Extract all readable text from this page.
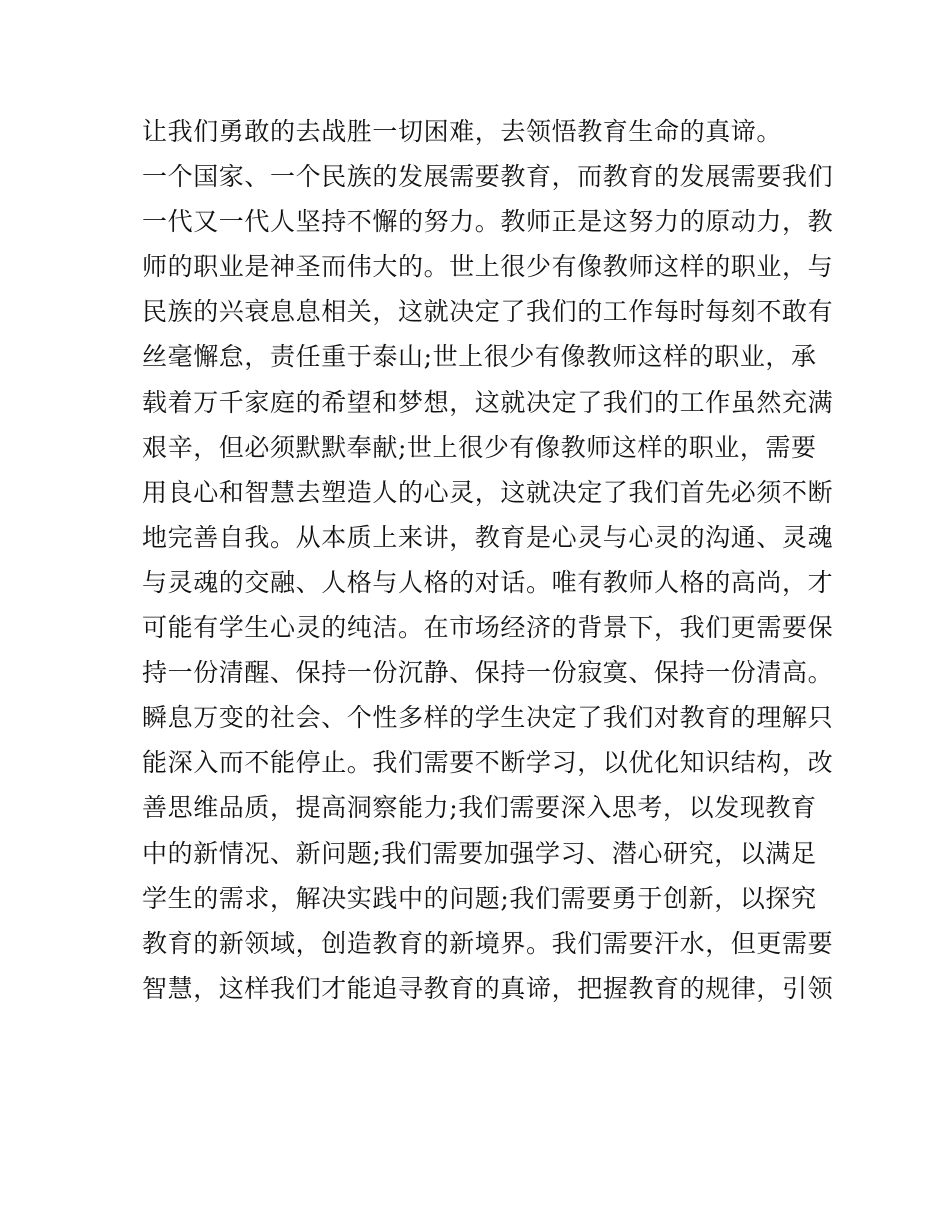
让我们勇敢的去战胜一切困难，去领悟教育生命的真谛。
一个国家、一个民族的发展需要教育，而教育的发展需要我们
一代又一代人坚持不懈的努力。教师正是这努力的原动力，教
师的职业是神圣而伟大的。世上很少有像教师这样的职业，与
民族的兴衰息息相关，这就决定了我们的工作每时每刻不敢有
丝毫懈怠，责任重于泰山;世上很少有像教师这样的职业，承
载着万千家庭的希望和梦想，这就决定了我们的工作虽然充满
艰辛，但必须默默奉献;世上很少有像教师这样的职业，需要
用良心和智慧去塑造人的心灵，这就决定了我们首先必须不断
地完善自我。从本质上来讲，教育是心灵与心灵的沟通、灵魂
与灵魂的交融、人格与人格的对话。唯有教师人格的高尚，才
可能有学生心灵的纯洁。在市场经济的背景下，我们更需要保
持一份清醒、保持一份沉静、保持一份寂寞、保持一份清高。
瞬息万变的社会、个性多样的学生决定了我们对教育的理解只
能深入而不能停止。我们需要不断学习，以优化知识结构，改
善思维品质，提高洞察能力;我们需要深入思考，以发现教育
中的新情况、新问题;我们需要加强学习、潜心研究，以满足
学生的需求，解决实践中的问题;我们需要勇于创新，以探究
教育的新领域，创造教育的新境界。我们需要汗水，但更需要
智慧，这样我们才能追寻教育的真谛，把握教育的规律，引领
